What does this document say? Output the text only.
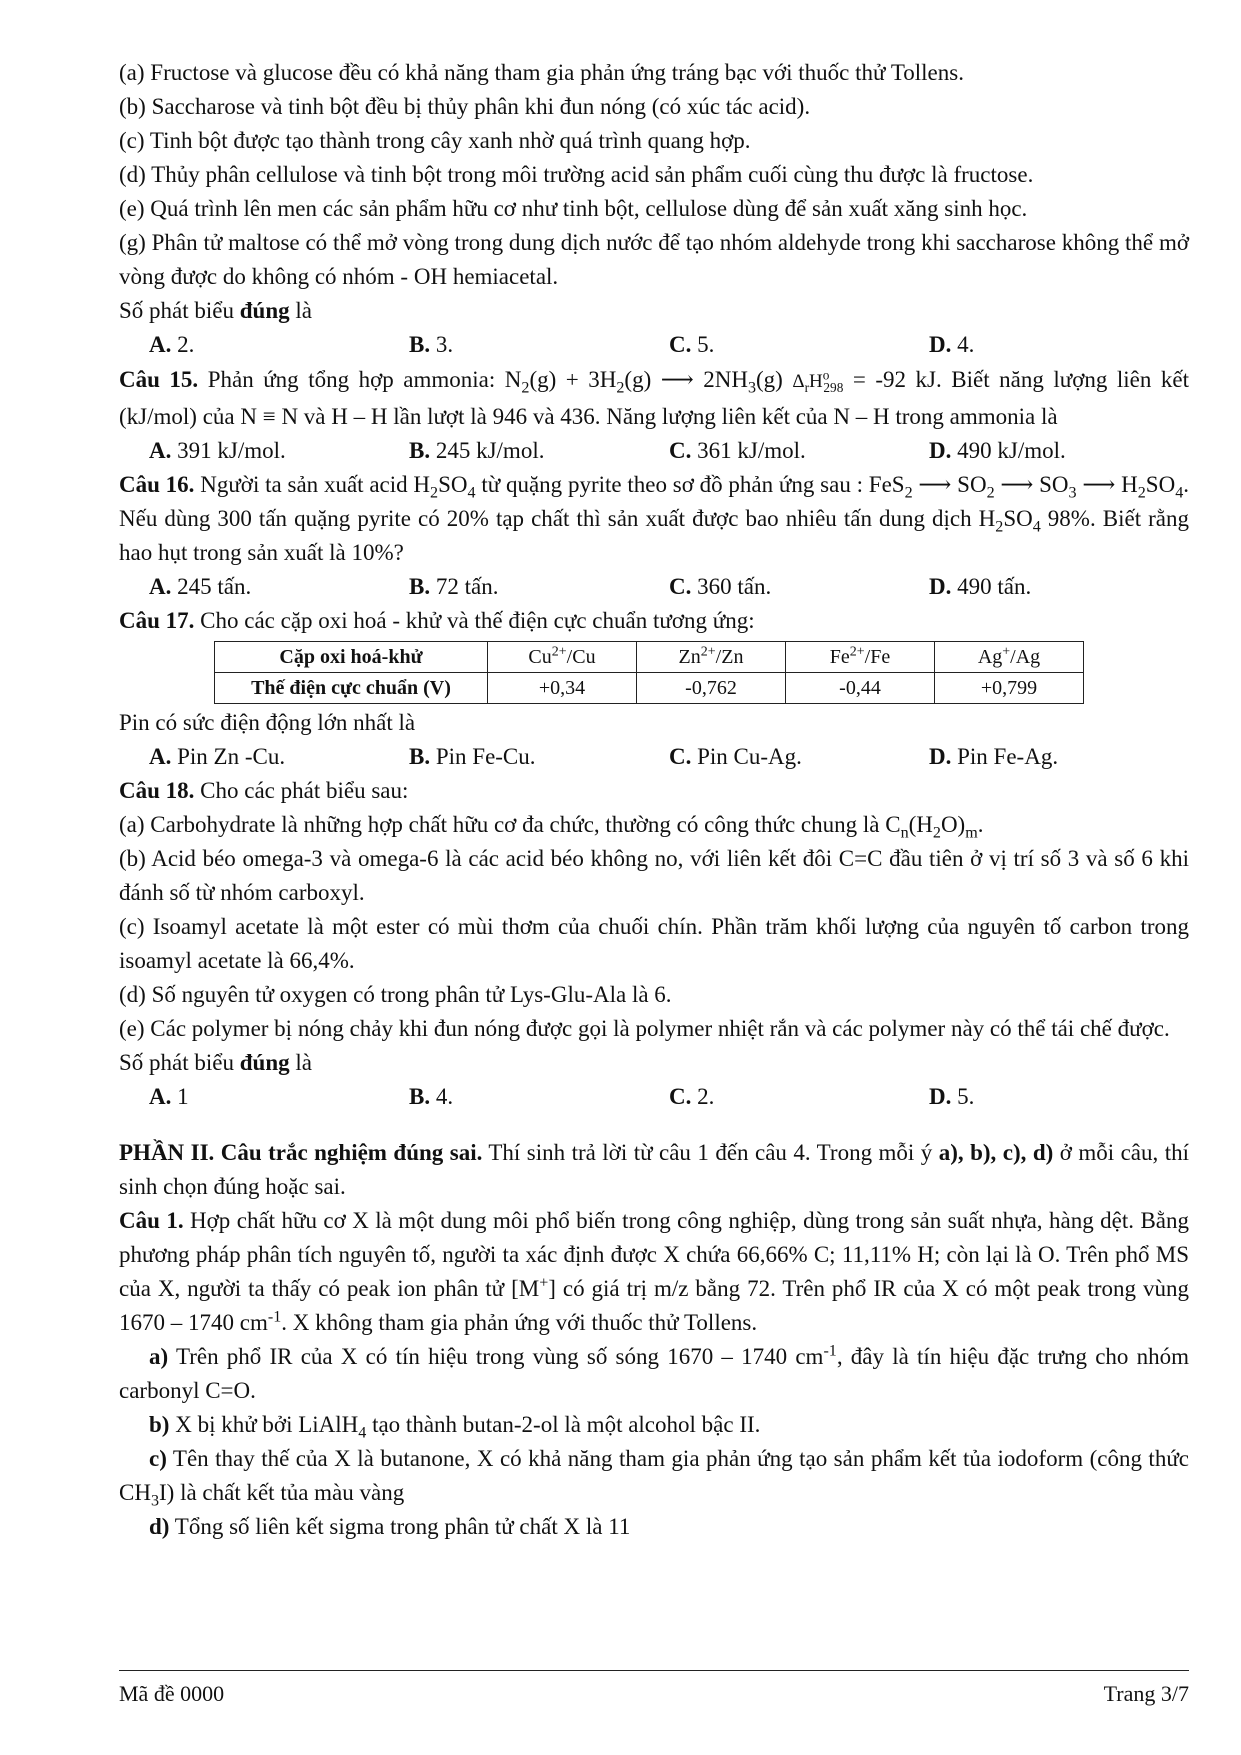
(a) Fructose và glucose đều có khả năng tham gia phản ứng tráng bạc với thuốc thử Tollens.

(b) Saccharose và tinh bột đều bị thủy phân khi đun nóng (có xúc tác acid).

(c) Tinh bột được tạo thành trong cây xanh nhờ quá trình quang hợp.

(d) Thủy phân cellulose và tinh bột trong môi trường acid sản phẩm cuối cùng thu được là fructose.

(e) Quá trình lên men các sản phẩm hữu cơ như tinh bột, cellulose dùng để sản xuất xăng sinh học.

(g) Phân tử maltose có thể mở vòng trong dung dịch nước để tạo nhóm aldehyde trong khi saccharose không thể mở vòng được do không có nhóm - OH hemiacetal.

Số phát biểu đúng là

A. 2.	B. 3.	C. 5.	D. 4.

Câu 15. Phản ứng tổng hợp ammonia: $N_2(g) + 3H_2(g)$ ⟶ $2NH_3(g) \Delta_rH^o_{298} = -92$ kJ. Biết năng lượng liên kết (kJ/mol) của N ≡ N và H – H lần lượt là 946 và 436. Năng lượng liên kết của N – H trong ammonia là

A. 391 kJ/mol.	B. 245 kJ/mol.	C. 361 kJ/mol.	D. 490 kJ/mol.

Câu 16. Người ta sản xuất acid $H_2SO_4$ từ quặng pyrite theo sơ đồ phản ứng sau : FeS$_2$ ⟶ $SO_2$ ⟶ $SO_3$ ⟶ $H_2SO_4$. Nếu dùng 300 tấn quặng pyrite có 20% tạp chất thì sản xuất được bao nhiêu tấn dung dịch $H_2SO_4$ 98%. Biết rằng hao hụt trong sản xuất là 10%?

A. 245 tấn.	B. 72 tấn.	C. 360 tấn.	D. 490 tấn.

Câu 17. Cho các cặp oxi hoá - khử và thế điện cực chuẩn tương ứng:

Cặp oxi hoá-khử	$Cu^{2+}/Cu$	$Zn^{2+}/Zn$	$Fe^{2+}/Fe$	Ag+/Ag
Thế điện cực chuẩn (V)	+0,34	-0,762	-0,44	+0,799

Pin có sức điện động lớn nhất là

A. Pin Zn -Cu.	B. Pin Fe-Cu.	C. Pin Cu-Ag.	D. Pin Fe-Ag.

Câu 18. Cho các phát biểu sau:

(a) Carbohydrate là những hợp chất hữu cơ đa chức, thường có công thức chung là $C_n(H_2O)_m$.

(b) Acid béo omega-3 và omega-6 là các acid béo không no, với liên kết đôi C=C đầu tiên ở vị trí số 3 và số 6 khi đánh số từ nhóm carboxyl.

(c) Isoamyl acetate là một ester có mùi thơm của chuối chín. Phần trăm khối lượng của nguyên tố carbon trong isoamyl acetate là 66,4%.

(d) Số nguyên tử oxygen có trong phân tử Lys-Glu-Ala là 6.

(e) Các polymer bị nóng chảy khi đun nóng được gọi là polymer nhiệt rắn và các polymer này có thể tái chế được.

Số phát biểu đúng là

A. 1	B. 4.	C. 2.	D. 5.

PHẦN II. Câu trắc nghiệm đúng sai. Thí sinh trả lời từ câu 1 đến câu 4. Trong mỗi ý a), b), c), d) ở mỗi câu, thí sinh chọn đúng hoặc sai.

Câu 1. Hợp chất hữu cơ X là một dung môi phổ biến trong công nghiệp, dùng trong sản suất nhựa, hàng dệt. Bằng phương pháp phân tích nguyên tố, người ta xác định được X chứa 66,66% C; 11,11% H; còn lại là O. Trên phổ MS của X, người ta thấy có peak ion phân tử [M+] có giá trị m/z bằng 72. Trên phổ IR của X có một peak trong vùng 1670 – 1740 $cm^{-1}$. X không tham gia phản ứng với thuốc thử Tollens.

a) Trên phổ IR của X có tín hiệu trong vùng số sóng 1670 – 1740 $cm^{-1}$, đây là tín hiệu đặc trưng cho nhóm carbonyl C=O.

b) X bị khử bởi LiAlH$_4$ tạo thành butan-2-ol là một alcohol bậc II.

c) Tên thay thế của X là butanone, X có khả năng tham gia phản ứng tạo sản phẩm kết tủa iodoform (công thức $CH_3I$) là chất kết tủa màu vàng

d) Tổng số liên kết sigma trong phân tử chất X là 11

Mã đề 0000	Trang 3/7
